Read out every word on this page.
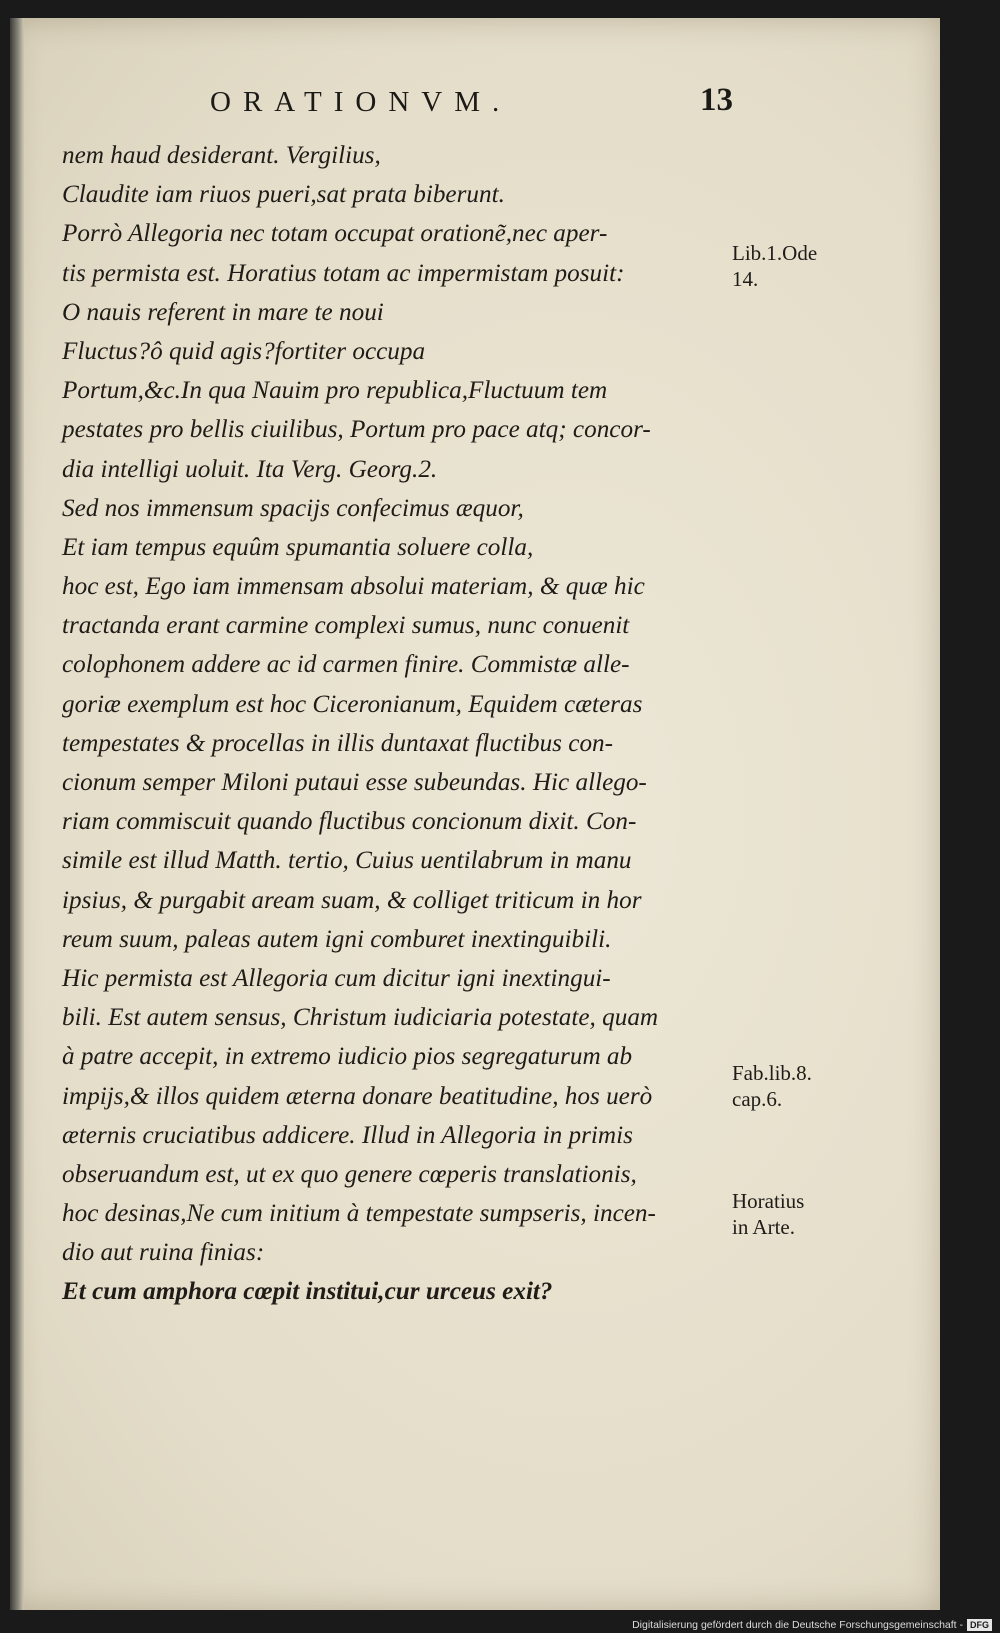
ORATIONVM.	13
nem haud desiderant. Vergilius,
Claudite iam riuos pueri,sat prata biberunt.
Porrò Allegoria nec totam occupat oratione͂,nec aper-
tis permista est. Horatius totam ac impermistam posuit:
O nauis referent in mare te noui
Fluctus?ô quid agis?fortiter occupa
Portum,&c.In qua Nauim pro republica,Fluctuum tem
pestates pro bellis ciuilibus, Portum pro pace atq; concor-
dia intelligi uoluit. Ita Verg. Georg.2.
Sed nos immensum spacijs confecimus æquor,
Et iam tempus equûm spumantia soluere colla,
hoc est, Ego iam immensam absolui materiam, & quæ hic
tractanda erant carmine complexi sumus, nunc conuenit
colophonem addere ac id carmen finire. Commistæ alle-
goriæ exemplum est hoc Ciceronianum, Equidem cæteras
tempestates & procellas in illis duntaxat fluctibus con-
cionum semper Miloni putaui esse subeundas. Hic allego-
riam commiscuit quando fluctibus concionum dixit. Con-
simile est illud Matth. tertio, Cuius uentilabrum in manu
ipsius, & purgabit aream suam, & colliget triticum in hor
reum suum, paleas autem igni comburet inextinguibili.
Hic permista est Allegoria cum dicitur igni inextingui-
bili. Est autem sensus, Christum iudiciaria potestate, quam
à patre accepit, in extremo iudicio pios segregaturum ab
impijs,& illos quidem æterna donare beatitudine, hos uerò
æternis cruciatibus addicere. Illud in Allegoria in primis
obseruandum est, ut ex quo genere cœperis translationis,
hoc desinas,Ne cum initium à tempestate sumpseris, incen-
dio aut ruina finias:
Et cum amphora cœpit institui,cur urceus exit?
Lib.1.Ode
14.
Fab.lib.8.
cap.6.
Horatius
in Arte.
Digitalisierung gefördert durch die Deutsche Forschungsgemeinschaft - DFG
